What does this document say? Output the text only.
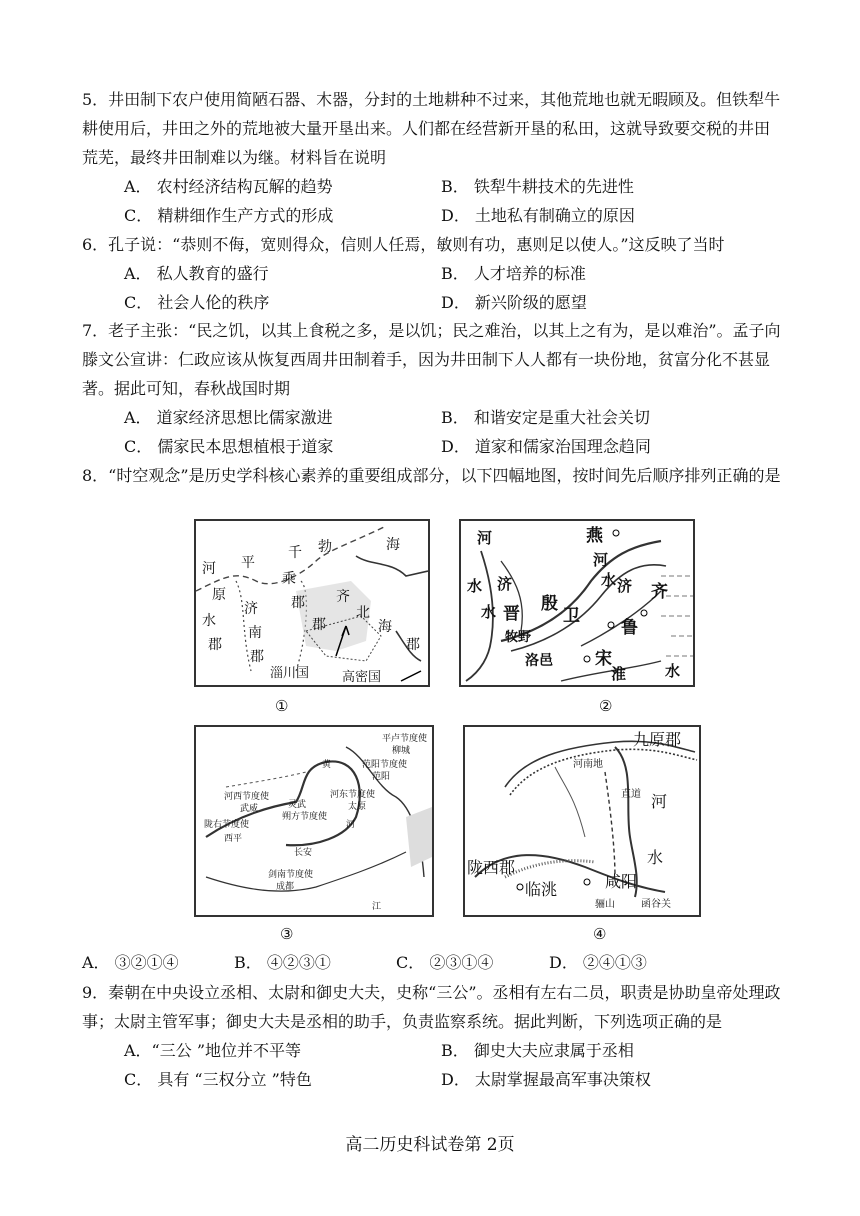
5．井田制下农户使用简陋石器、木器，分封的土地耕种不过来，其他荒地也就无暇顾及。但铁犁牛耕使用后，井田之外的荒地被大量开垦出来。人们都在经营新开垦的私田，这就导致要交税的井田荒芜，最终井田制难以为继。材料旨在说明
A． 农村经济结构瓦解的趋势	B． 铁犁牛耕技术的先进性
C． 精耕细作生产方式的形成	D． 土地私有制确立的原因
6．孔子说：“恭则不侮，宽则得众，信则人任焉，敏则有功，惠则足以使人。”这反映了当时
A． 私人教育的盛行	B． 人才培养的标准
C． 社会人伦的秩序	D． 新兴阶级的愿望
7．老子主张：“民之饥，以其上食税之多，是以饥；民之难治，以其上之有为，是以难治”。孟子向滕文公宣讲：仁政应该从恢复西周井田制着手，因为井田制下人人都有一块份地，贫富分化不甚显著。据此可知，春秋战国时期
A． 道家经济思想比儒家激进	B． 和谐安定是重大社会关切
C． 儒家民本思想植根于道家	D． 道家和儒家治国理念趋同
8．“时空观念”是历史学科核心素养的重要组成部分，以下四幅地图，按时间先后顺序排列正确的是
河
原
水
郡
平
济
南
郡
千
乘
郡
勃	海
齐
北
海
郡
郡
淄川国	高密国
①
河	燕
河
水 济
水 晋 殷
卫
济 齐
水
鲁
牧野
洛邑 宋
淮	水
②
平卢节度使
柳城
范阳节度使
范阳
河东节度使
太原
河西节度使
武威	灵武
朔方节度使
陇右节度使
西平
长安
剑南节度使
成都
黄
河
江
③
九原郡
河南地
直道 河
水
陇西郡
临洮	咸阳
骊山	函谷关
④
A． ③②①④	B． ④②③①	C． ②③①④	D． ②④①③
9．秦朝在中央设立丞相、太尉和御史大夫，史称“三公”。丞相有左右二员，职责是协助皇帝处理政事；太尉主管军事；御史大夫是丞相的助手，负责监察系统。据此判断，下列选项正确的是
A．“三公 ”地位并不平等	B． 御史大夫应隶属于丞相
C． 具有 “三权分立 ”特色	D． 太尉掌握最高军事决策权
高二历史科试卷第 2页
